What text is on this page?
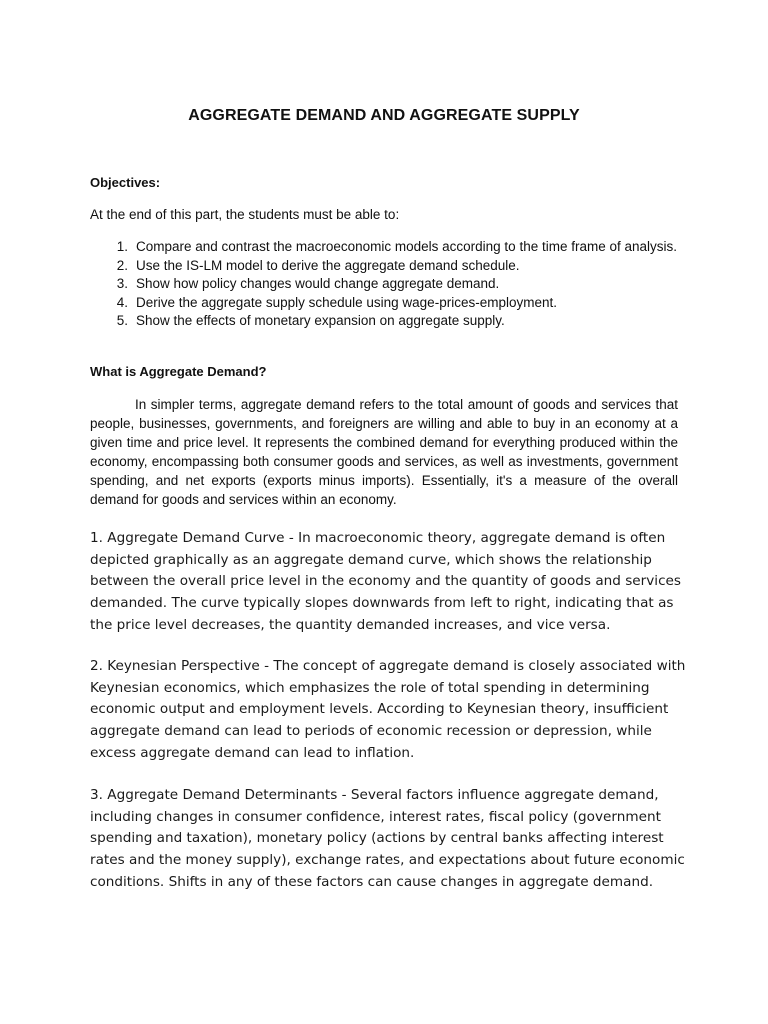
AGGREGATE DEMAND AND AGGREGATE SUPPLY
Objectives:
At the end of this part, the students must be able to:
1. Compare and contrast the macroeconomic models according to the time frame of analysis.
2. Use the IS-LM model to derive the aggregate demand schedule.
3. Show how policy changes would change aggregate demand.
4. Derive the aggregate supply schedule using wage-prices-employment.
5. Show the effects of monetary expansion on aggregate supply.
What is Aggregate Demand?

In simpler terms, aggregate demand refers to the total amount of goods and services that people, businesses, governments, and foreigners are willing and able to buy in an economy at a given time and price level. It represents the combined demand for everything produced within the economy, encompassing both consumer goods and services, as well as investments, government spending, and net exports (exports minus imports). Essentially, it's a measure of the overall demand for goods and services within an economy.

1. Aggregate Demand Curve - In macroeconomic theory, aggregate demand is often depicted graphically as an aggregate demand curve, which shows the relationship between the overall price level in the economy and the quantity of goods and services demanded. The curve typically slopes downwards from left to right, indicating that as the price level decreases, the quantity demanded increases, and vice versa.

2. Keynesian Perspective - The concept of aggregate demand is closely associated with Keynesian economics, which emphasizes the role of total spending in determining economic output and employment levels. According to Keynesian theory, insufficient aggregate demand can lead to periods of economic recession or depression, while excess aggregate demand can lead to inflation.

3. Aggregate Demand Determinants - Several factors influence aggregate demand, including changes in consumer confidence, interest rates, fiscal policy (government spending and taxation), monetary policy (actions by central banks affecting interest rates and the money supply), exchange rates, and expectations about future economic conditions. Shifts in any of these factors can cause changes in aggregate demand.
